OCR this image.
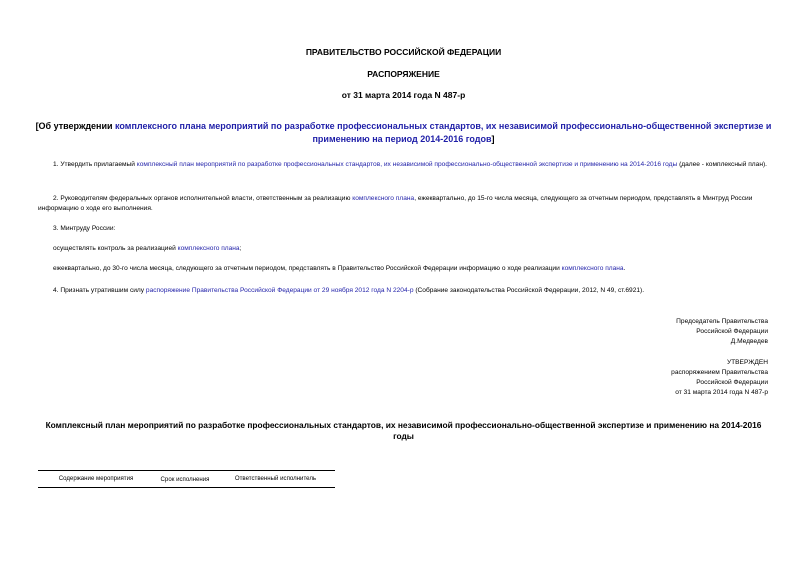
ПРАВИТЕЛЬСТВО РОССИЙСКОЙ ФЕДЕРАЦИИ
РАСПОРЯЖЕНИЕ
от 31 марта 2014 года N 487-р
[Об утверждении комплексного плана мероприятий по разработке профессиональных стандартов, их независимой профессионально-общественной экспертизе и применению на период 2014-2016 годов]
1. Утвердить прилагаемый комплексный план мероприятий по разработке профессиональных стандартов, их независимой профессионально-общественной экспертизе и применению на 2014-2016 годы (далее - комплексный план).
2. Руководителям федеральных органов исполнительной власти, ответственным за реализацию комплексного плана, ежеквартально, до 15-го числа месяца, следующего за отчетным периодом, представлять в Минтруд России информацию о ходе его выполнения.
3. Минтруду России:
осуществлять контроль за реализацией комплексного плана;
ежеквартально, до 30-го числа месяца, следующего за отчетным периодом, представлять в Правительство Российской Федерации информацию о ходе реализации комплексного плана.
4. Признать утратившим силу распоряжение Правительства Российской Федерации от 29 ноября 2012 года N 2204-р (Собрание законодательства Российской Федерации, 2012, N 49, ст.6921).
Председатель Правительства
Российской Федерации
Д.Медведев
УТВЕРЖДЕН
распоряжением Правительства
Российской Федерации
от 31 марта 2014 года N 487-р
Комплексный план мероприятий по разработке профессиональных стандартов, их независимой профессионально-общественной экспертизе и применению на 2014-2016 годы
Содержание мероприятия	Срок исполнения	Ответственный исполнитель
